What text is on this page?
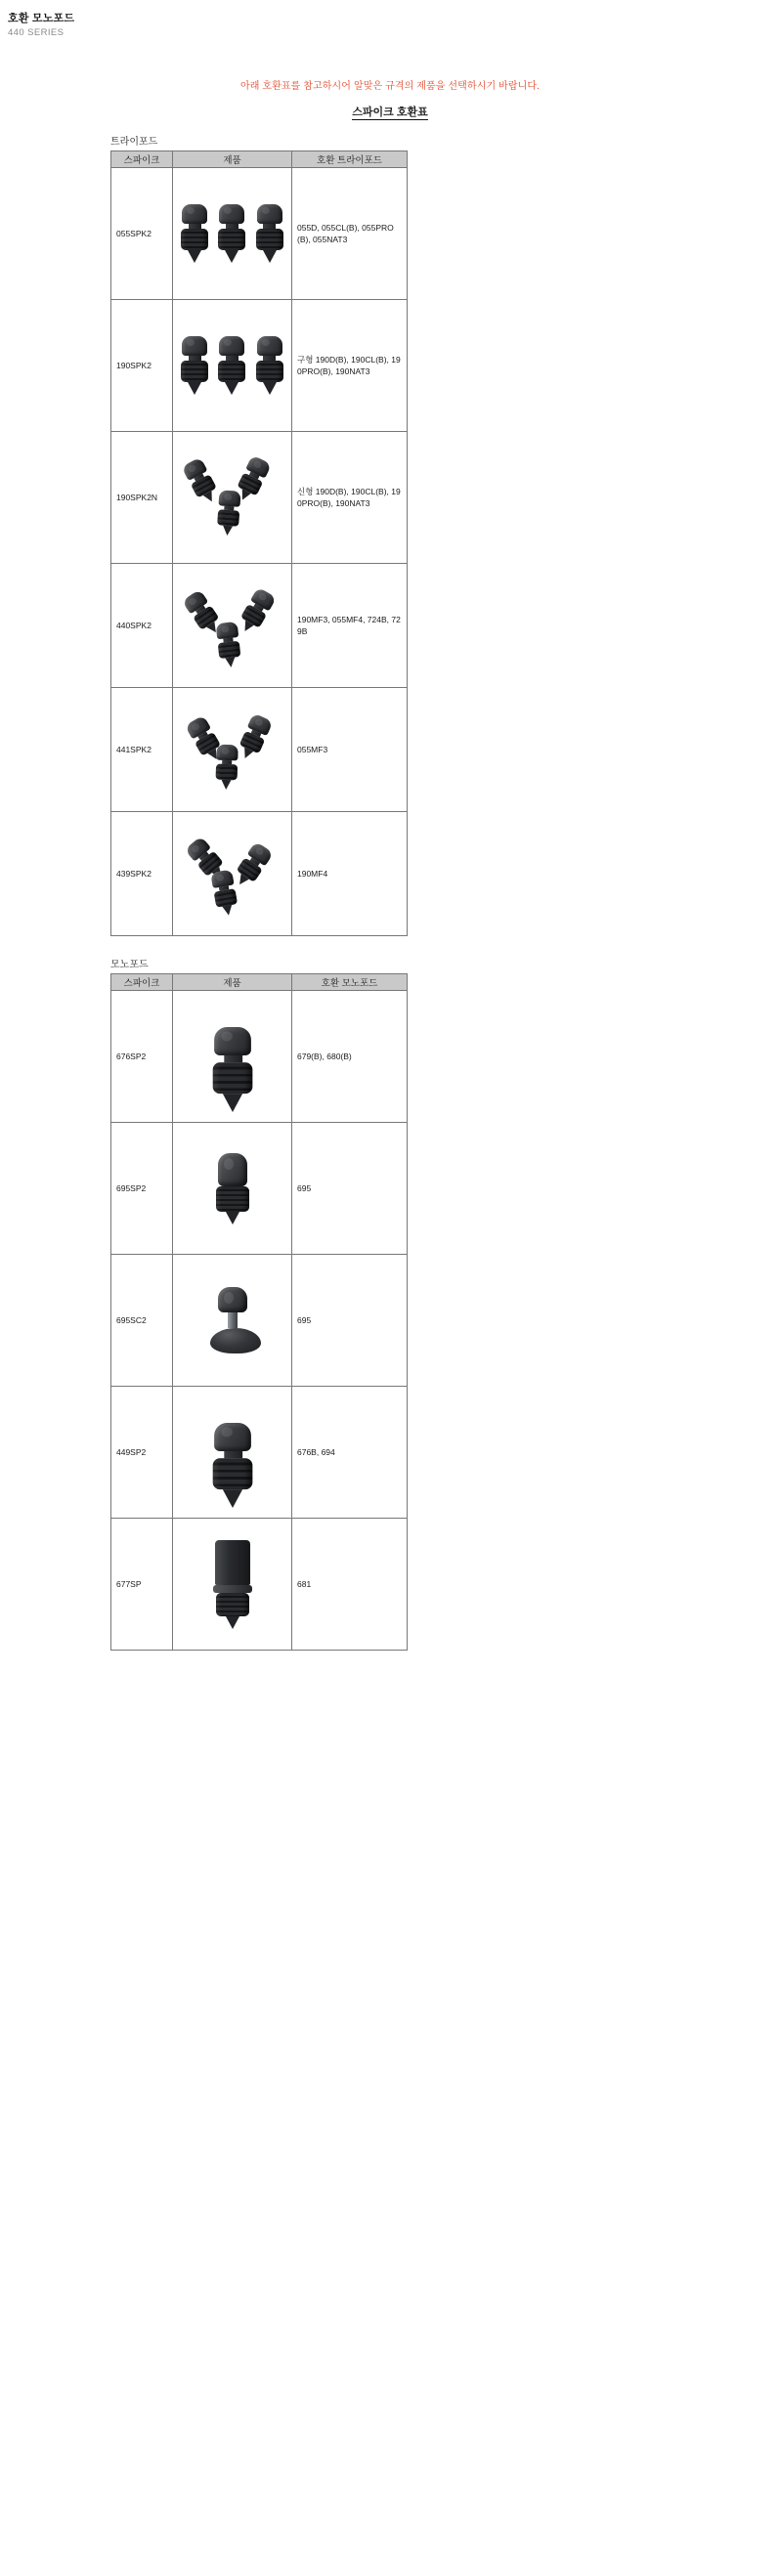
호환 모노포드
440 SERIES
아래 호환표를 참고하시어 알맞은 규격의 제품을 선택하시기 바랍니다.
스파이크 호환표
트라이포드
스파이크	제품	호환 트라이포드
055SPK2		055D, 055CL(B), 055PRO(B), 055NAT3
190SPK2		구형 190D(B), 190CL(B), 190PRO(B), 190NAT3
190SPK2N		신형 190D(B), 190CL(B), 190PRO(B), 190NAT3
440SPK2		190MF3, 055MF4, 724B, 729B
441SPK2		055MF3
439SPK2		190MF4
모노포드
스파이크	제품	호환 모노포드
676SP2		679(B), 680(B)
695SP2		695
695SC2		695
449SP2		676B, 694
677SP		681
